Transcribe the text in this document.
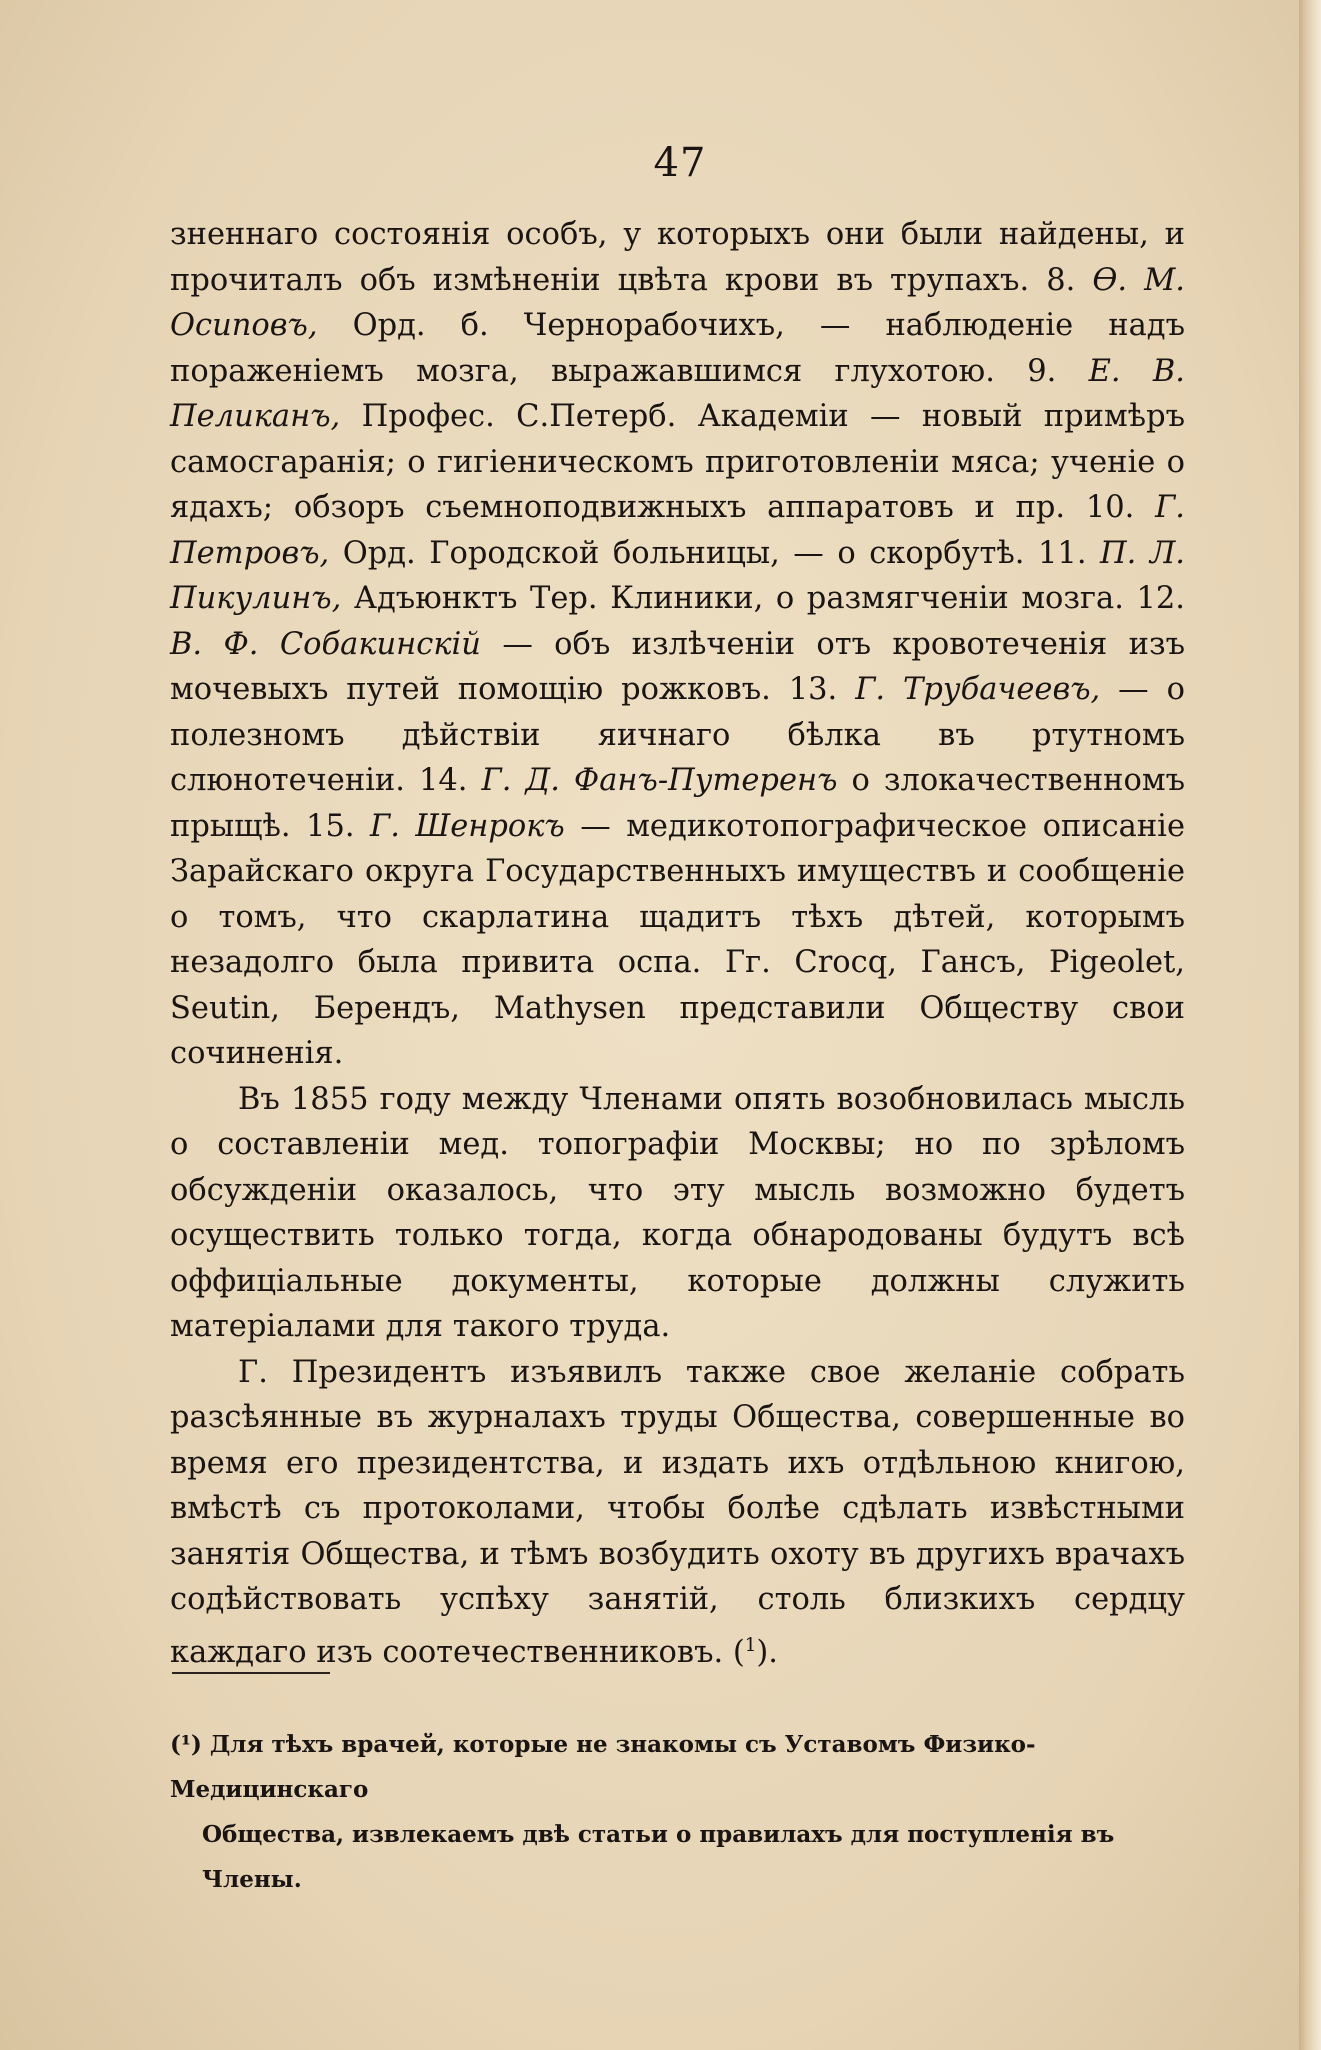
47

зненнаго состоянія особъ, у которыхъ они были найдены, и прочиталъ объ измѣненіи цвѣта крови въ трупахъ. 8. Ѳ. М. Осиповъ, Орд. б. Чернорабочихъ, — наблюденіе надъ пораженіемъ мозга, выражавшимся глухотою. 9. Е. В. Пеликанъ, Профес. С.Петерб. Академіи — новый примѣръ самосгаранія; о гигіеническомъ приготовленіи мяса; ученіе о ядахъ; обзоръ съемноподвижныхъ аппаратовъ и пр. 10. Г. Петровъ, Орд. Городской больницы, — о скорбутѣ. 11. П. Л. Пикулинъ, Адъюнктъ Тер. Клиники, о размягченіи мозга. 12. В. Ф. Собакинскій — объ излѣченіи отъ кровотеченія изъ мочевыхъ путей помощію рожковъ. 13. Г. Трубачеевъ, — о полезномъ дѣйствіи яичнаго бѣлка въ ртутномъ слюнотеченіи. 14. Г. Д. Фанъ-Путеренъ о злокачественномъ прыщѣ. 15. Г. Шенрокъ — медикотопографическое описаніе Зарайскаго округа Государственныхъ имуществъ и сообщеніе о томъ, что скарлатина щадитъ тѣхъ дѣтей, которымъ незадолго была привита оспа. Гг. Crocq, Гансъ, Pigeolet, Seutin, Берендъ, Mathysen представили Обществу свои сочиненія.

Въ 1855 году между Членами опять возобновилась мысль о составленіи мед. топографіи Москвы; но по зрѣломъ обсужденіи оказалось, что эту мысль возможно будетъ осуществить только тогда, когда обнародованы будутъ всѣ оффиціальные документы, которые должны служить матеріалами для такого труда.

Г. Президентъ изъявилъ также свое желаніе собрать разсѣянные въ журналахъ труды Общества, совершенные во время его президентства, и издать ихъ отдѣльною книгою, вмѣстѣ съ протоколами, чтобы болѣе сдѣлать извѣстными занятія Общества, и тѣмъ возбудить охоту въ другихъ врачахъ содѣйствовать успѣху занятій, столь близкихъ сердцу каждаго изъ соотечественниковъ. ($^1$).

(¹) Для тѣхъ врачей, которые не знакомы съ Уставомъ Физико-Медицинскаго

Общества, извлекаемъ двѣ статьи о правилахъ для поступленія въ Члены.
